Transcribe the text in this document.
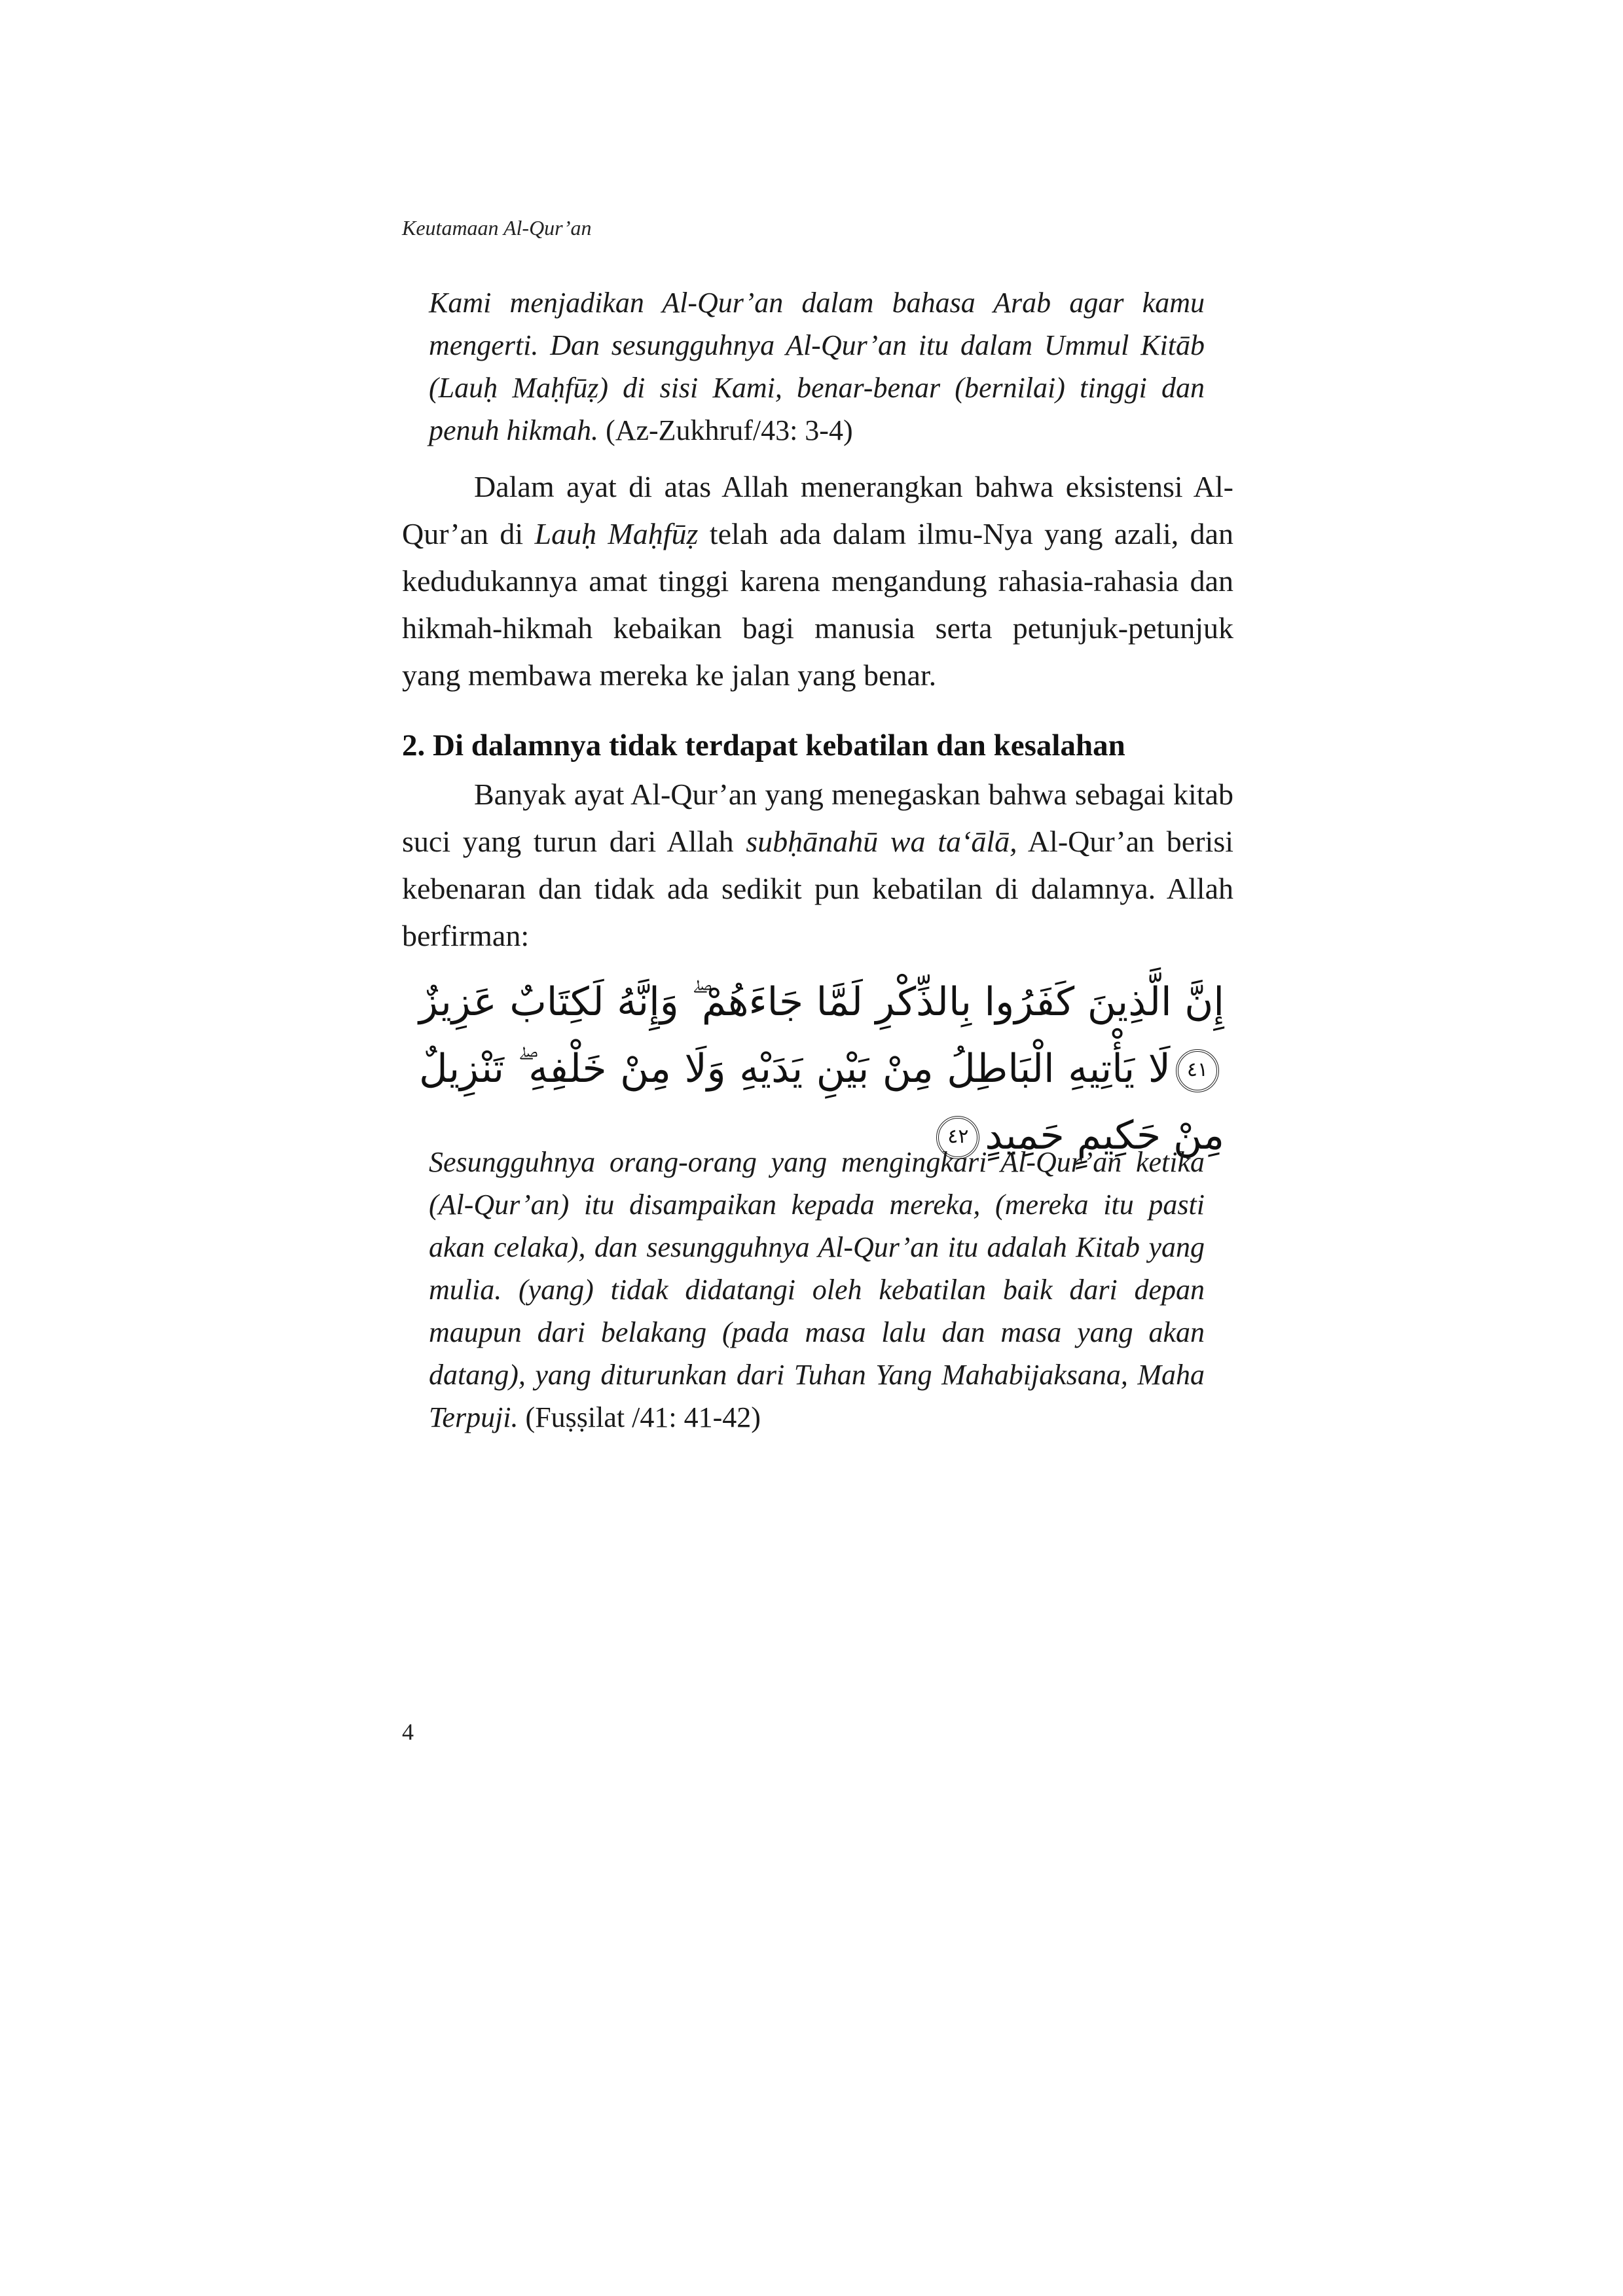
Keutamaan Al-Qur’an
Kami menjadikan Al-Qur’an dalam bahasa Arab agar kamu mengerti. Dan sesungguhnya Al-Qur’an itu dalam Ummul Kitāb (Lauḥ Maḥfūẓ) di sisi Kami, benar-benar (bernilai) tinggi dan penuh hikmah. (Az-Zukhruf/43: 3-4)
Dalam ayat di atas Allah menerangkan bahwa eksistensi Al-Qur’an di Lauḥ Maḥfūẓ telah ada dalam ilmu-Nya yang azali, dan kedudukannya amat tinggi karena mengandung rahasia-rahasia dan hikmah-hikmah kebaikan bagi manusia serta petunjuk-petunjuk yang membawa mereka ke jalan yang benar.
2. Di dalamnya tidak terdapat kebatilan dan kesalahan
Banyak ayat Al-Qur’an yang menegaskan bahwa sebagai kitab suci yang turun dari Allah subḥānahū wa ta‘ālā, Al-Qur’an berisi kebenaran dan tidak ada sedikit pun kebatilan di dalamnya. Allah berfirman:
إِنَّ الَّذِينَ كَفَرُوا بِالذِّكْرِ لَمَّا جَاءَهُمْ ۖ وَإِنَّهُ لَكِتَابٌ عَزِيزٌ٤١لَا يَأْتِيهِ الْبَاطِلُ مِنْ بَيْنِ يَدَيْهِ وَلَا مِنْ خَلْفِهِ ۖ تَنْزِيلٌ مِنْ حَكِيمٍ حَمِيدٍ٤٢
Sesungguhnya orang-orang yang mengingkari Al-Qur’an ketika (Al-Qur’an) itu disampaikan kepada mereka, (mereka itu pasti akan celaka), dan sesungguhnya Al-Qur’an itu adalah Kitab yang mulia. (yang) tidak didatangi oleh kebatilan baik dari depan maupun dari belakang (pada masa lalu dan masa yang akan datang), yang diturunkan dari Tuhan Yang Mahabijaksana, Maha Terpuji. (Fuṣṣilat /41: 41-42)
4
